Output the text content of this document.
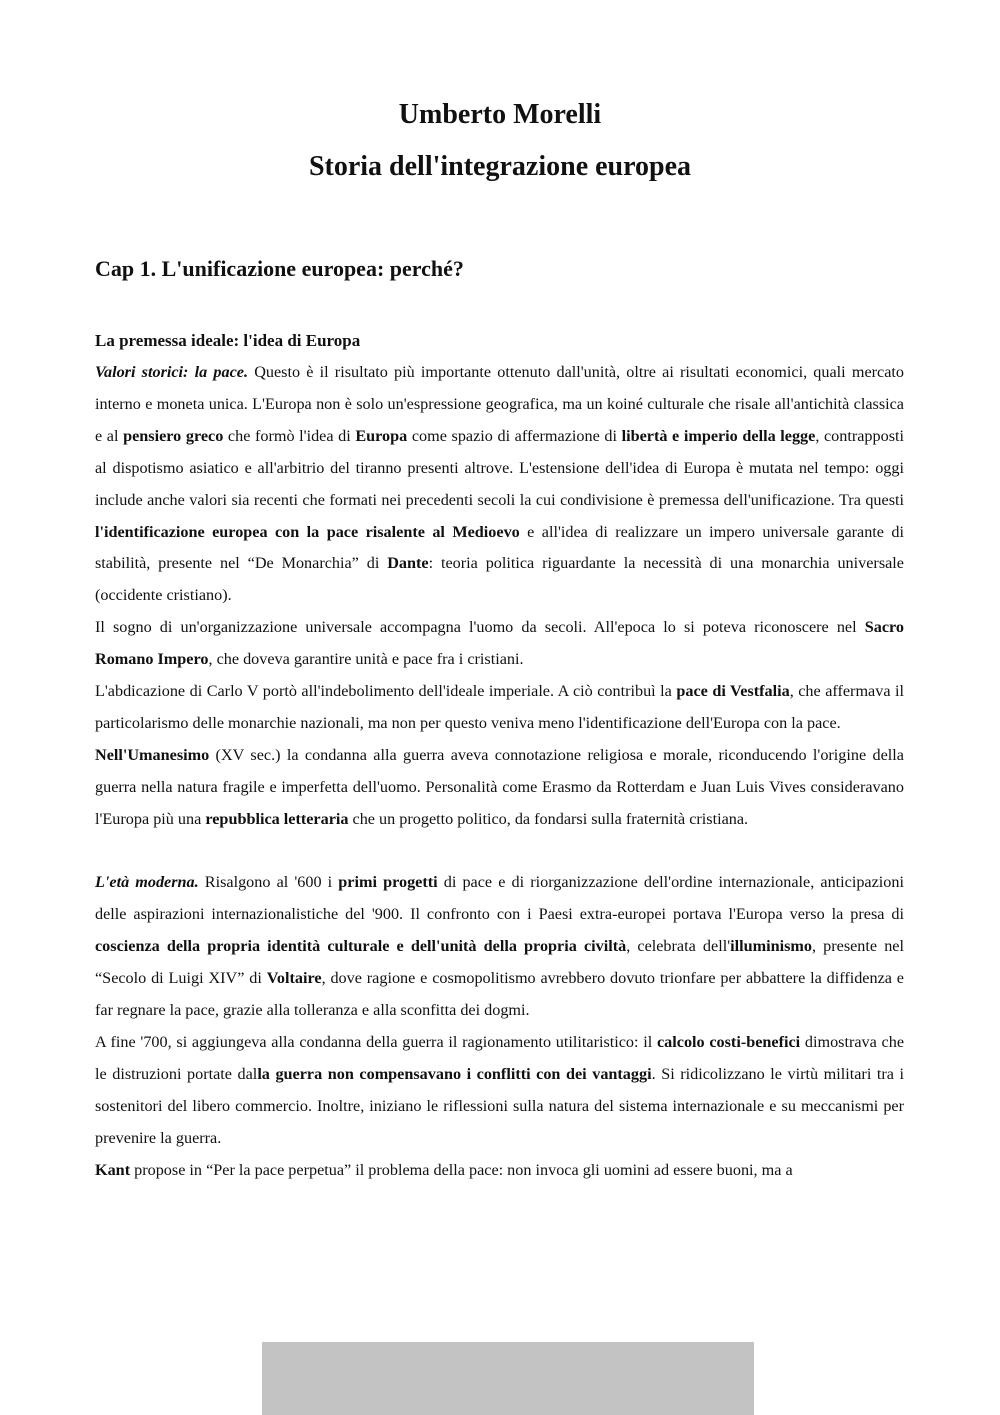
Umberto Morelli
Storia dell'integrazione europea
Cap 1. L'unificazione europea: perché?
La premessa ideale: l'idea di Europa

Valori storici: la pace. Questo è il risultato più importante ottenuto dall'unità, oltre ai risultati economici, quali mercato interno e moneta unica. L'Europa non è solo un'espressione geografica, ma un koiné culturale che risale all'antichità classica e al pensiero greco che formò l'idea di Europa come spazio di affermazione di libertà e imperio della legge, contrapposti al dispotismo asiatico e all'arbitrio del tiranno presenti altrove. L'estensione dell'idea di Europa è mutata nel tempo: oggi include anche valori sia recenti che formati nei precedenti secoli la cui condivisione è premessa dell'unificazione. Tra questi l'identificazione europea con la pace risalente al Medioevo e all'idea di realizzare un impero universale garante di stabilità, presente nel “De Monarchia” di Dante: teoria politica riguardante la necessità di una monarchia universale (occidente cristiano).

Il sogno di un'organizzazione universale accompagna l'uomo da secoli. All'epoca lo si poteva riconoscere nel Sacro Romano Impero, che doveva garantire unità e pace fra i cristiani.

L'abdicazione di Carlo V portò all'indebolimento dell'ideale imperiale. A ciò contribuì la pace di Vestfalia, che affermava il particolarismo delle monarchie nazionali, ma non per questo veniva meno l'identificazione dell'Europa con la pace.

Nell'Umanesimo (XV sec.) la condanna alla guerra aveva connotazione religiosa e morale, riconducendo l'origine della guerra nella natura fragile e imperfetta dell'uomo. Personalità come Erasmo da Rotterdam e Juan Luis Vives consideravano l'Europa più una repubblica letteraria che un progetto politico, da fondarsi sulla fraternità cristiana.

L'età moderna. Risalgono al '600 i primi progetti di pace e di riorganizzazione dell'ordine internazionale, anticipazioni delle aspirazioni internazionalistiche del '900. Il confronto con i Paesi extra-europei portava l'Europa verso la presa di coscienza della propria identità culturale e dell'unità della propria civiltà, celebrata dell'illuminismo, presente nel “Secolo di Luigi XIV” di Voltaire, dove ragione e cosmopolitismo avrebbero dovuto trionfare per abbattere la diffidenza e far regnare la pace, grazie alla tolleranza e alla sconfitta dei dogmi.

A fine '700, si aggiungeva alla condanna della guerra il ragionamento utilitaristico: il calcolo costi-benefici dimostrava che le distruzioni portate dalla guerra non compensavano i conflitti con dei vantaggi. Si ridicolizzano le virtù militari tra i sostenitori del libero commercio. Inoltre, iniziano le riflessioni sulla natura del sistema internazionale e su meccanismi per prevenire la guerra.

Kant propose in “Per la pace perpetua” il problema della pace: non invoca gli uomini ad essere buoni, ma a
